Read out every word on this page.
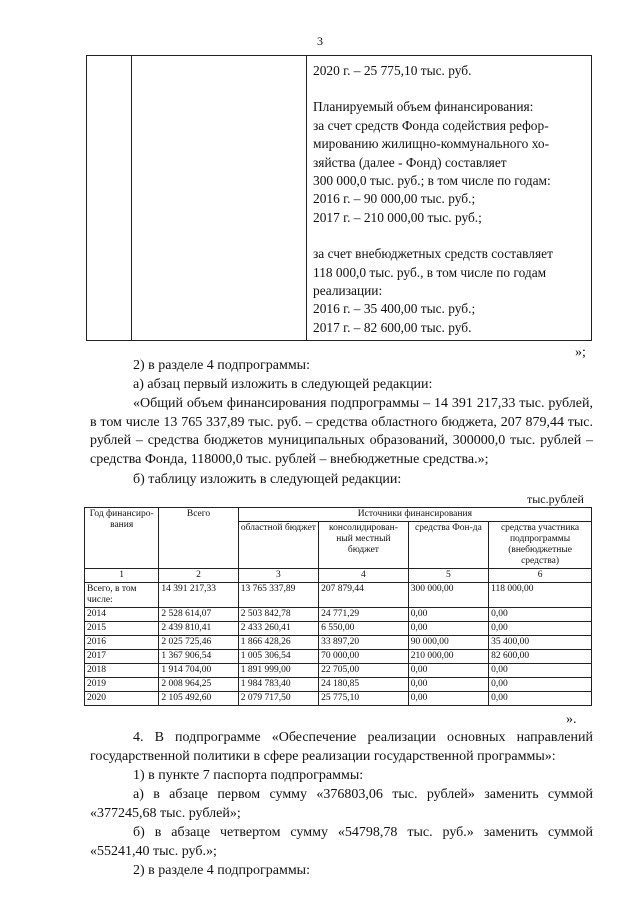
3

2020 г. – 25 775,10 тыс. руб.

Планируемый объем финансирования:

за счет средств Фонда содействия рефор-

мированию жилищно-коммунального хо-

зяйства (далее - Фонд) составляет

300 000,0 тыс. руб.; в том числе по годам:

2016 г. – 90 000,00 тыс. руб.;

2017 г. – 210 000,00 тыс. руб.;

за счет внебюджетных средств составляет

118 000,0 тыс. руб., в том числе по годам

реализации:

2016 г. – 35 400,00 тыс. руб.;

2017 г. – 82 600,00 тыс. руб.

»;
2) в разделе 4 подпрограммы:
а) абзац первый изложить в следующей редакции:
«Общий объем финансирования подпрограммы – 14 391 217,33 тыс. рублей, в том числе 13 765 337,89 тыс. руб. – средства областного бюджета, 207 879,44 тыс. рублей – средства бюджетов муниципальных образований, 300000,0 тыс. рублей – средства Фонда, 118000,0 тыс. рублей – внебюджетные средства.»;
б) таблицу изложить в следующей редакции:
тыс.рублей
Год финансиро-вания	Всего	Источники финансирования			
		областной бюджет	консолидирован-ный местный бюджет	средства Фон-да	средства участника подпрограммы (внебюджетные средства)
1	2	3	4	5	6
Всего, в том числе:	14 391 217,33	13 765 337,89	207 879,44	300 000,00	118 000,00
2014	2 528 614,07	2 503 842,78	24 771,29	0,00	0,00
2015	2 439 810,41	2 433 260,41	6 550,00	0,00	0,00
2016	2 025 725,46	1 866 428,26	33 897,20	90 000,00	35 400,00
2017	1 367 906,54	1 005 306,54	70 000,00	210 000,00	82 600,00
2018	1 914 704,00	1 891 999,00	22 705,00	0,00	0,00
2019	2 008 964,25	1 984 783,40	24 180,85	0,00	0,00
2020	2 105 492,60	2 079 717,50	25 775,10	0,00	0,00
».
4. В подпрограмме «Обеспечение реализации основных направлений государственной политики в сфере реализации государственной программы»:
1) в пункте 7 паспорта подпрограммы:
а) в абзаце первом сумму «376803,06 тыс. рублей» заменить суммой «377245,68 тыс. рублей»;
б) в абзаце четвертом сумму «54798,78 тыс. руб.» заменить суммой «55241,40 тыс. руб.»;
2) в разделе 4 подпрограммы:
